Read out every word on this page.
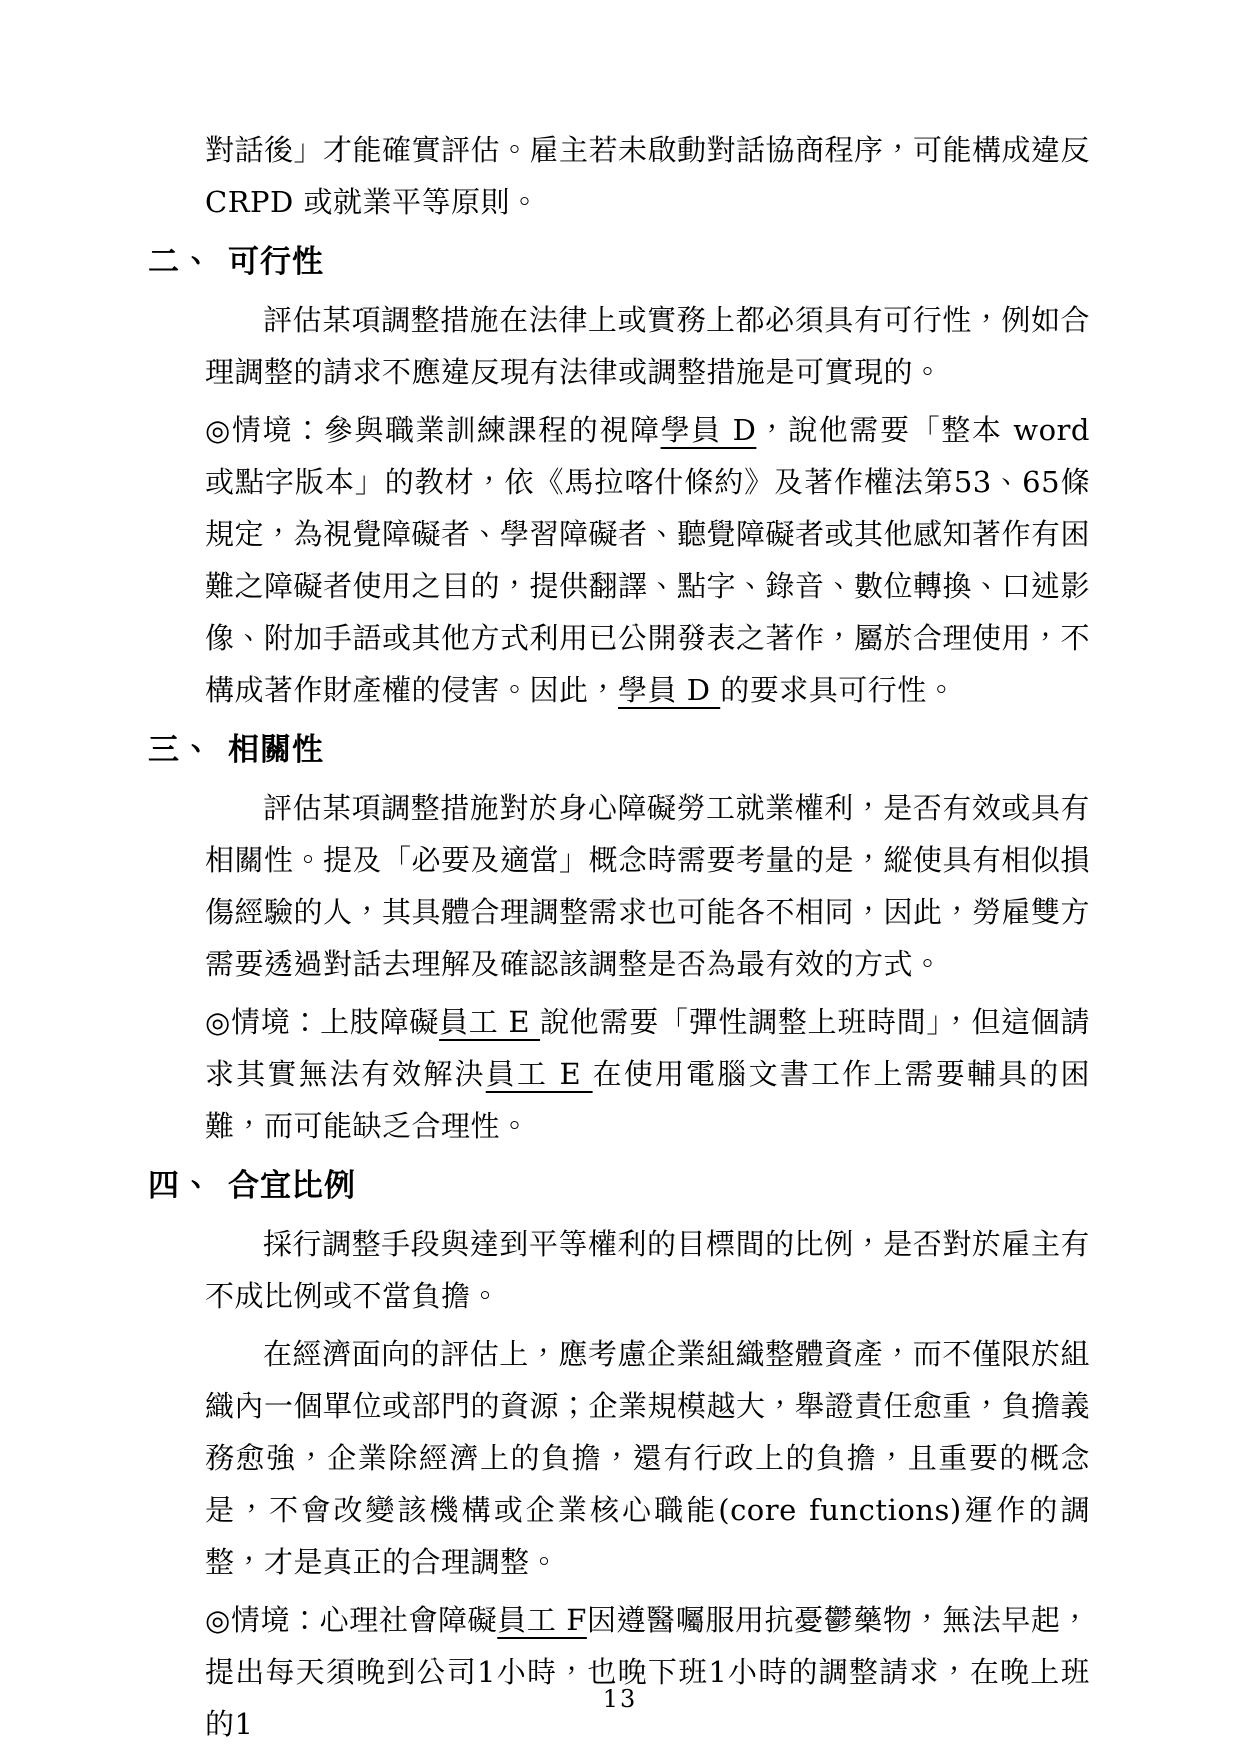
對話後」才能確實評估。雇主若未啟動對話協商程序，可能構成違反 CRPD 或就業平等原則。

二、 可行性

評估某項調整措施在法律上或實務上都必須具有可行性，例如合理調整的請求不應違反現有法律或調整措施是可實現的。

◎情境：參與職業訓練課程的視障學員 D，說他需要「整本 word 或點字版本」的教材，依《馬拉喀什條約》及著作權法第53、65條規定，為視覺障礙者、學習障礙者、聽覺障礙者或其他感知著作有困難之障礙者使用之目的，提供翻譯、點字、錄音、數位轉換、口述影像、附加手語或其他方式利用已公開發表之著作，屬於合理使用，不構成著作財產權的侵害。因此，學員 D 的要求具可行性。

三、 相關性

評估某項調整措施對於身心障礙勞工就業權利，是否有效或具有相關性。提及「必要及適當」概念時需要考量的是，縱使具有相似損傷經驗的人，其具體合理調整需求也可能各不相同，因此，勞雇雙方需要透過對話去理解及確認該調整是否為最有效的方式。

◎情境：上肢障礙員工 E 說他需要「彈性調整上班時間」，但這個請求其實無法有效解決員工 E 在使用電腦文書工作上需要輔具的困難，而可能缺乏合理性。

四、 合宜比例

採行調整手段與達到平等權利的目標間的比例，是否對於雇主有不成比例或不當負擔。

在經濟面向的評估上，應考慮企業組織整體資產，而不僅限於組織內一個單位或部門的資源；企業規模越大，舉證責任愈重，負擔義務愈強，企業除經濟上的負擔，還有行政上的負擔，且重要的概念是，不會改變該機構或企業核心職能(core functions)運作的調整，才是真正的合理調整。

◎情境：心理社會障礙員工 F因遵醫囑服用抗憂鬱藥物，無法早起，提出每天須晚到公司1小時，也晚下班1小時的調整請求，在晚上班的1

13
